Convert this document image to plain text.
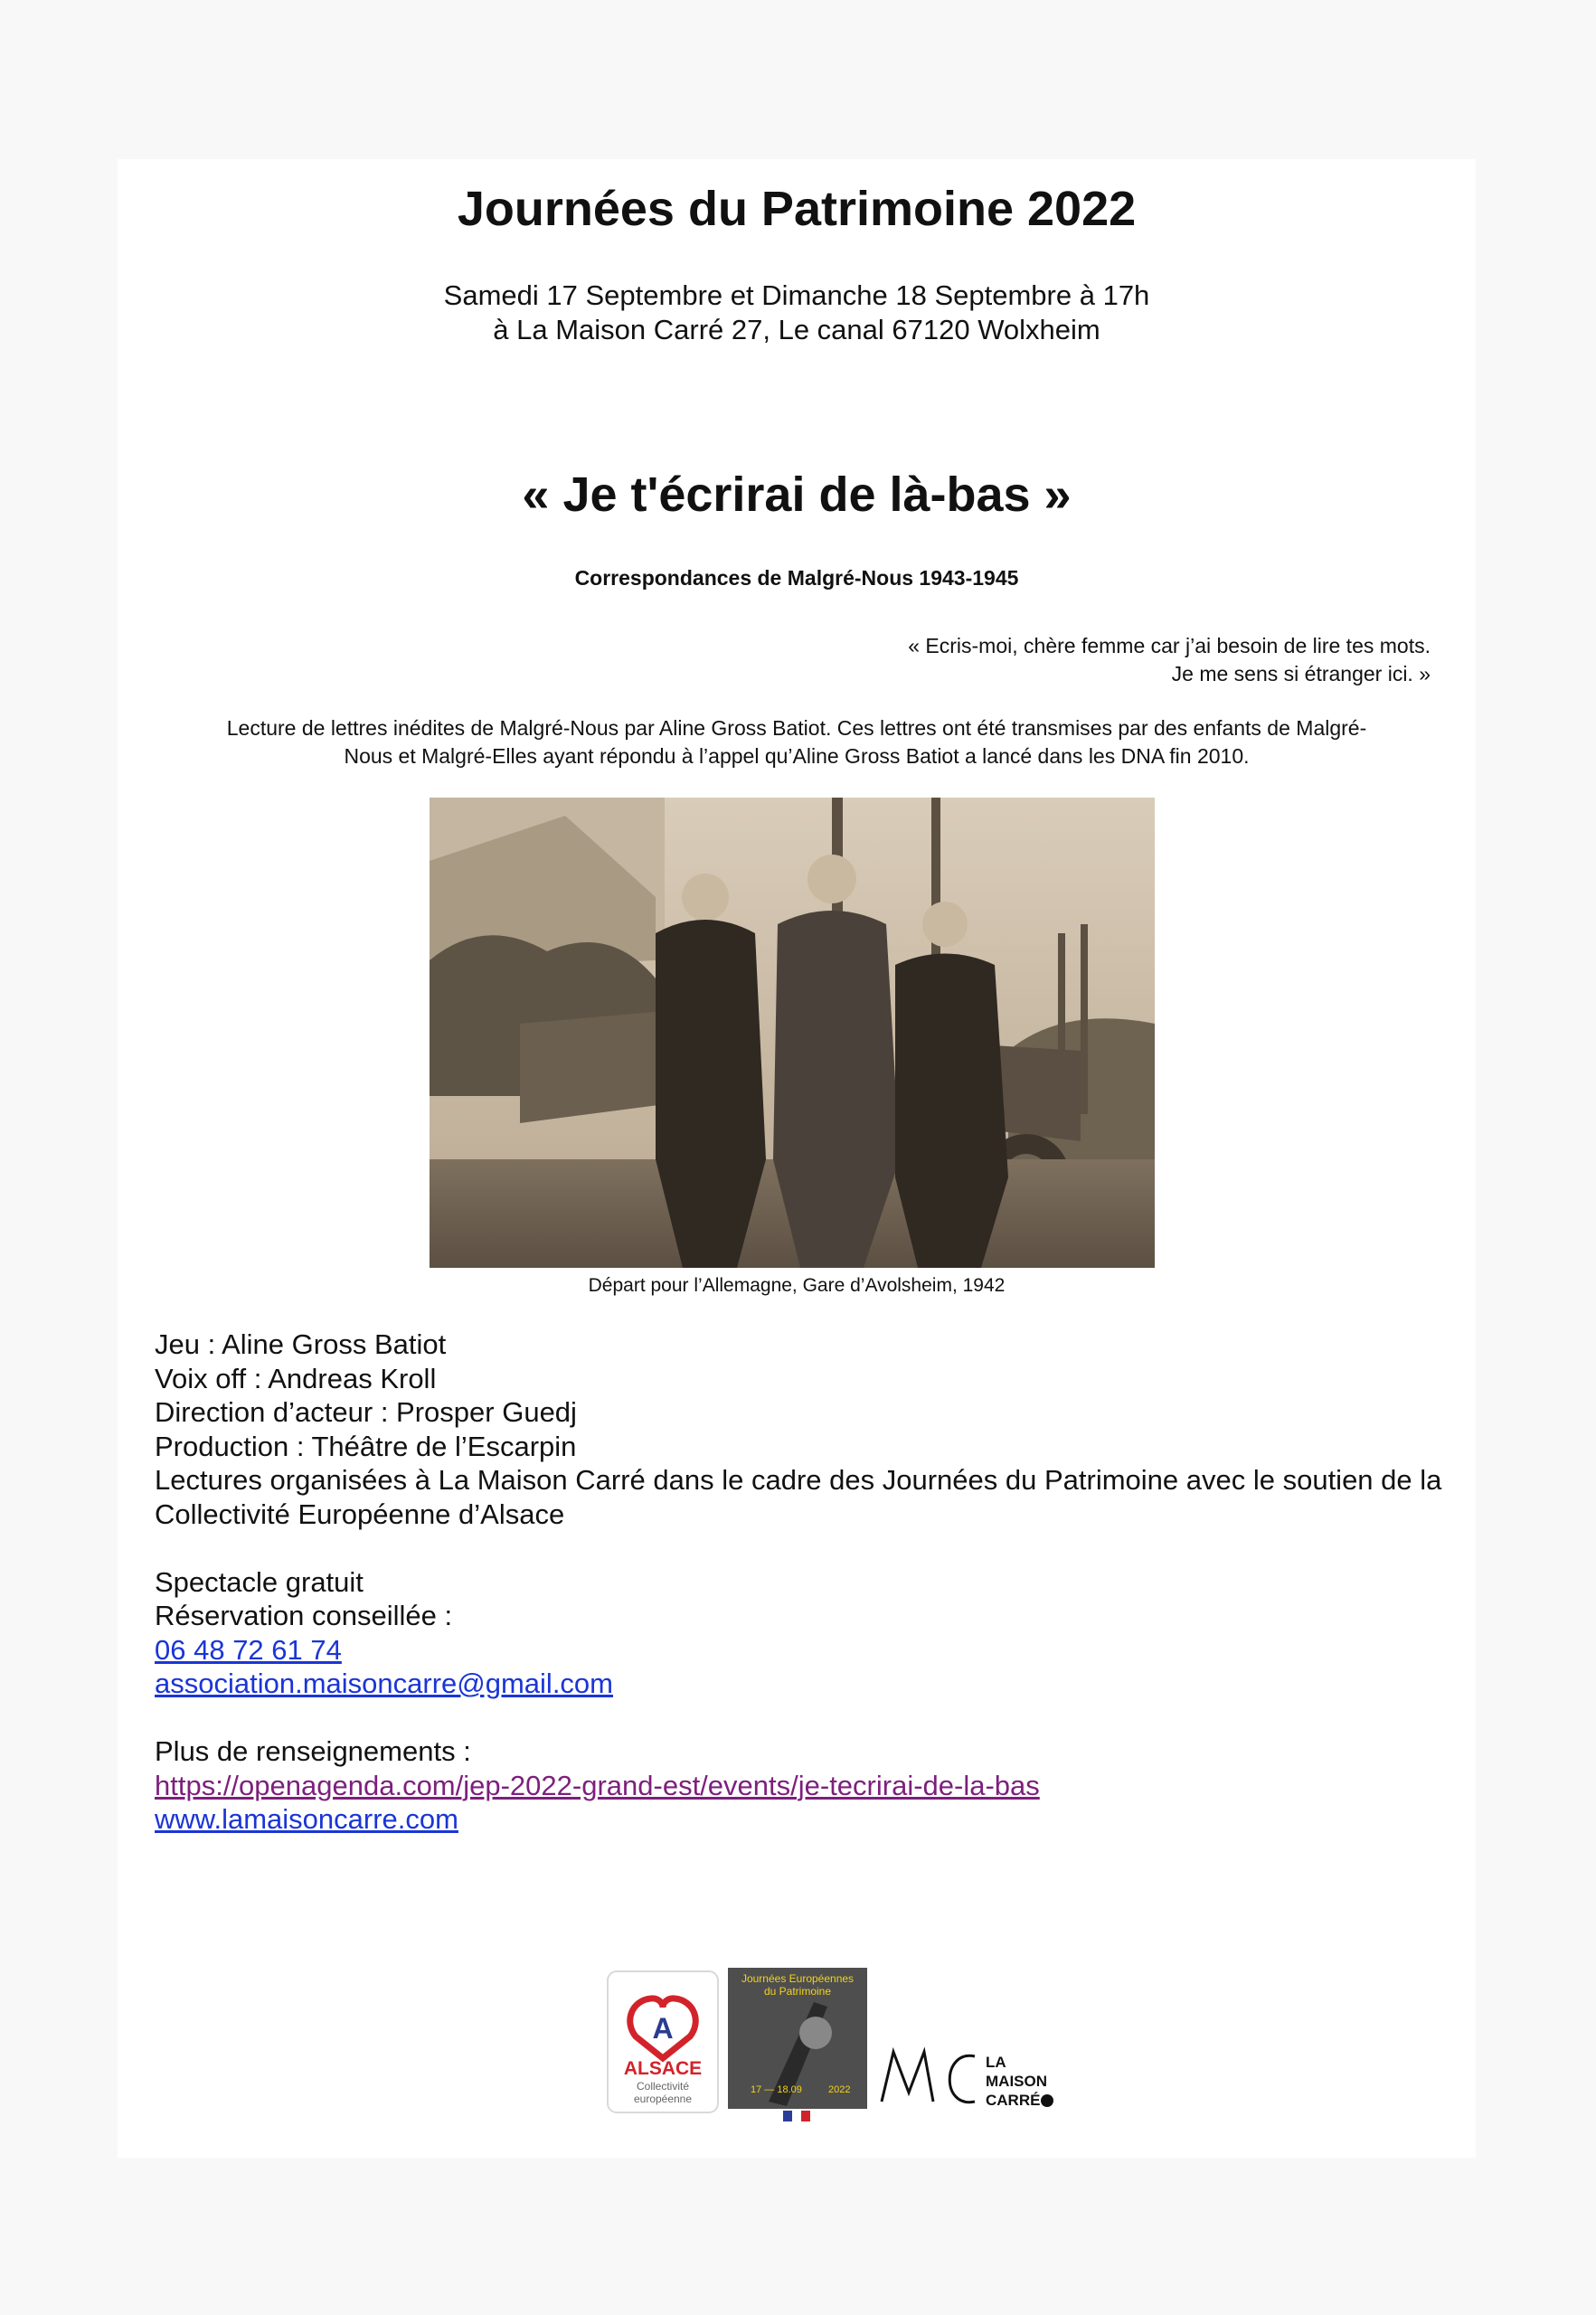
Journées du Patrimoine 2022
Samedi 17 Septembre et Dimanche 18 Septembre à 17h
à La Maison Carré 27, Le canal 67120 Wolxheim
« Je t'écrirai de là-bas »
Correspondances de Malgré-Nous 1943-1945
« Ecris-moi, chère femme car j’ai besoin de lire tes mots.
Je me sens si étranger ici. »
Lecture de lettres inédites de Malgré-Nous par Aline Gross Batiot. Ces lettres ont été transmises par des enfants de Malgré-
Nous et Malgré-Elles ayant répondu à l’appel qu’Aline Gross Batiot a lancé dans les DNA fin 2010.
Départ pour l’Allemagne, Gare d’Avolsheim, 1942
Jeu : Aline Gross Batiot
Voix off : Andreas Kroll
Direction d’acteur : Prosper Guedj
Production : Théâtre de l’Escarpin
Lectures organisées à La Maison Carré dans le cadre des Journées du Patrimoine avec le soutien de la Collectivité Européenne d’Alsace
Spectacle gratuit
Réservation conseillée :
06 48 72 61 74
association.maisoncarre@gmail.com
Plus de renseignements :
https://openagenda.com/jep-2022-grand-est/events/je-tecrirai-de-la-bas
www.lamaisoncarre.com
A
ALSACE
Collectivité
européenne
Journées Européennes
du Patrimoine
17 — 18.09	2022
LA
MAISON
CARRÉ
